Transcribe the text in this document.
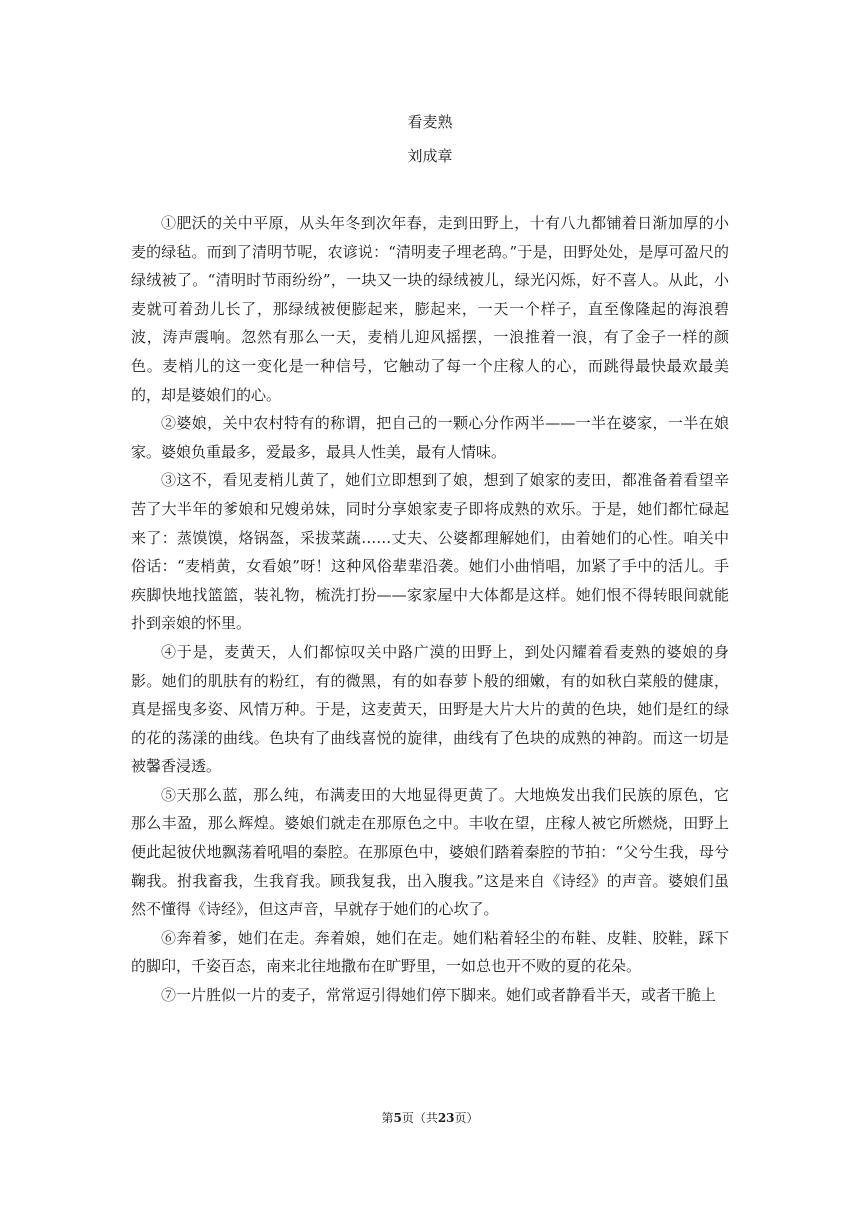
看麦熟
刘成章

①肥沃的关中平原，从头年冬到次年春，走到田野上，十有八九都铺着日渐加厚的小麦的绿毡。而到了清明节呢，农谚说：“清明麦子埋老鸹。”于是，田野处处，是厚可盈尺的绿绒被了。“清明时节雨纷纷”，一块又一块的绿绒被儿，绿光闪烁，好不喜人。从此，小麦就可着劲儿长了，那绿绒被便膨起来，膨起来，一天一个样子，直至像隆起的海浪碧波，涛声震响。忽然有那么一天，麦梢儿迎风摇摆，一浪推着一浪，有了金子一样的颜色。麦梢儿的这一变化是一种信号，它触动了每一个庄稼人的心，而跳得最快最欢最美的，却是婆娘们的心。

②婆娘，关中农村特有的称谓，把自己的一颗心分作两半——一半在婆家，一半在娘家。婆娘负重最多，爱最多，最具人性美，最有人情味。

③这不，看见麦梢儿黄了，她们立即想到了娘，想到了娘家的麦田，都准备着看望辛苦了大半年的爹娘和兄嫂弟妹，同时分享娘家麦子即将成熟的欢乐。于是，她们都忙碌起来了：蒸馍馍，烙锅盔，采拔菜蔬……丈夫、公婆都理解她们，由着她们的心性。咱关中俗话：“麦梢黄，女看娘”呀！这种风俗辈辈沿袭。她们小曲悄唱，加紧了手中的活儿。手疾脚快地找篮篮，装礼物，梳洗打扮——家家屋中大体都是这样。她们恨不得转眼间就能扑到亲娘的怀里。

④于是，麦黄天，人们都惊叹关中路广漠的田野上，到处闪耀着看麦熟的婆娘的身影。她们的肌肤有的粉红，有的微黑，有的如春萝卜般的细嫩，有的如秋白菜般的健康，真是摇曳多姿、风情万种。于是，这麦黄天，田野是大片大片的黄的色块，她们是红的绿的花的荡漾的曲线。色块有了曲线喜悦的旋律，曲线有了色块的成熟的神韵。而这一切是被馨香浸透。

⑤天那么蓝，那么纯，布满麦田的大地显得更黄了。大地焕发出我们民族的原色，它那么丰盈，那么辉煌。婆娘们就走在那原色之中。丰收在望，庄稼人被它所燃烧，田野上便此起彼伏地飘荡着吼唱的秦腔。在那原色中，婆娘们踏着秦腔的节拍：“父兮生我，母兮鞠我。拊我畜我，生我育我。顾我复我，出入腹我。”这是来自《诗经》的声音。婆娘们虽然不懂得《诗经》，但这声音，早就存于她们的心坎了。

⑥奔着爹，她们在走。奔着娘，她们在走。她们粘着轻尘的布鞋、皮鞋、胶鞋，踩下的脚印，千姿百态，南来北往地撒布在旷野里，一如总也开不败的夏的花朵。

⑦一片胜似一片的麦子，常常逗引得她们停下脚来。她们或者静看半天，或者干脆上

第5页（共23页）
